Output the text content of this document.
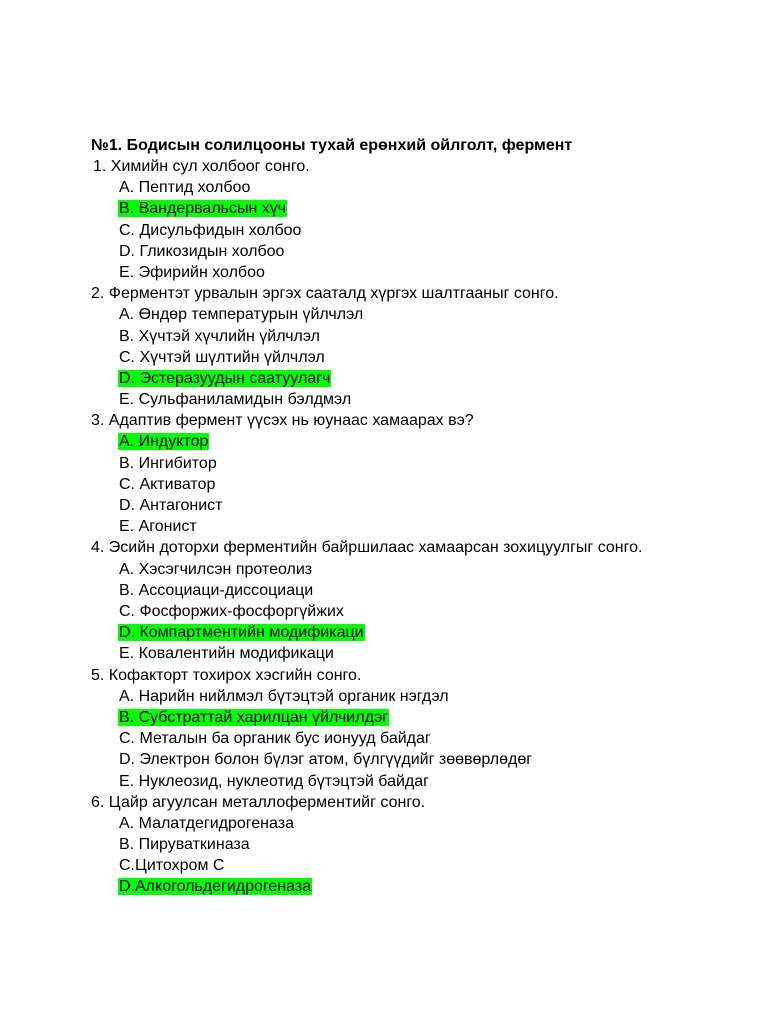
№1. Бодисын солилцооны тухай ерөнхий ойлголт, фермент
1. Химийн сул холбоог сонго.
A. Пептид холбоо
B. Вандервальсын хүч
C. Дисульфидын холбоо
D. Гликозидын холбоо
E. Эфирийн холбоо
2. Ферментэт урвалын эргэх сааталд хүргэх шалтгааныг сонго.
A. Өндөр температурын үйлчлэл
B. Хүчтэй хүчлийн үйлчлэл
C. Хүчтэй шүлтийн үйлчлэл
D. Эстеразуудын саатуулагч
E. Сульфаниламидын бэлдмэл
3. Адаптив фермент үүсэх нь юунаас хамаарах вэ?
A. Индуктор
B. Ингибитор
C. Активатор
D. Антагонист
E. Агонист
4. Эсийн доторхи ферментийн байршилаас хамаарсан зохицуулгыг сонго.
A. Хэсэгчилсэн протеолиз
B. Ассоциаци-диссоциаци
C. Фосфоржих-фосфоргүйжих
D. Компартментийн модификаци
E. Ковалентийн модификаци
5. Кофакторт тохирох хэсгийн сонго.
A. Нарийн нийлмэл бүтэцтэй органик нэгдэл
B. Субстраттай харилцан үйлчилдэг
C. Металын ба органик бус ионууд байдаг
D. Электрон болон бүлэг атом, бүлгүүдийг зөөвөрлөдөг
E. Нуклеозид, нуклеотид бүтэцтэй байдаг
6. Цайр агуулсан металлоферментийг сонго.
A. Малатдегидрогеназа
B. Пируваткиназа
C.Цитохром С
D.Алкогольдегидрогеназа
